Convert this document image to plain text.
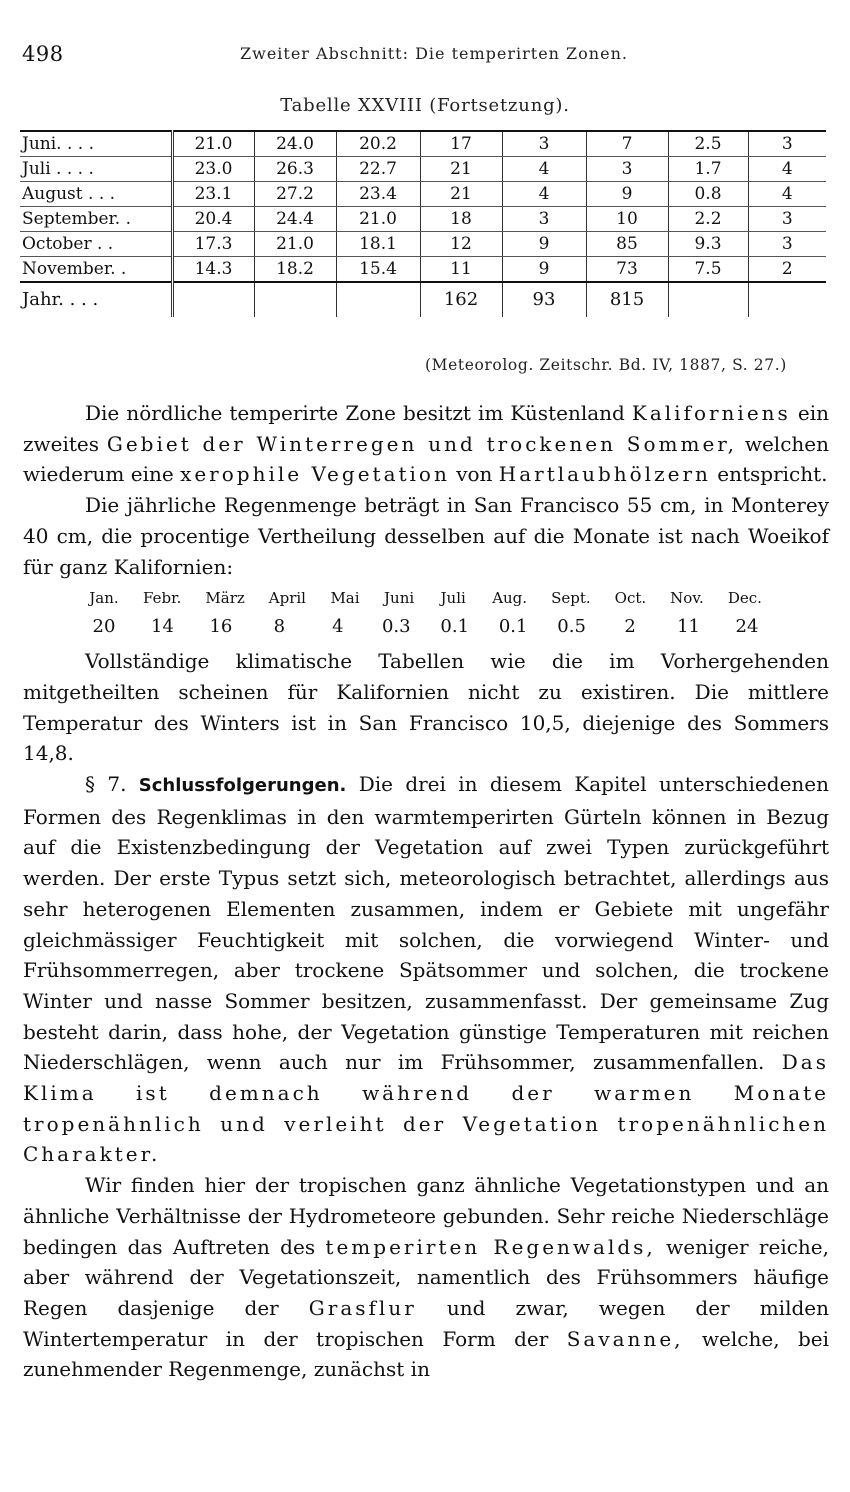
498	Zweiter Abschnitt: Die temperirten Zonen.
Tabelle XXVIII (Fortsetzung).
Juni. . . .	21.0	24.0	20.2	17	3	7	2.5	3
Juli . . . .	23.0	26.3	22.7	21	4	3	1.7	4
August . . .	23.1	27.2	23.4	21	4	9	0.8	4
September. .	20.4	24.4	21.0	18	3	10	2.2	3
October . .	17.3	21.0	18.1	12	9	85	9.3	3
November. .	14.3	18.2	15.4	11	9	73	7.5	2
Jahr. . . .				162	93	815		
(Meteorolog. Zeitschr. Bd. IV, 1887, S. 27.)

Die nördliche temperirte Zone besitzt im Küstenland Kaliforniens ein zweites Gebiet der Winterregen und trockenen Sommer, welchen wiederum eine xerophile Vegetation von Hartlaubhölzern entspricht.

Die jährliche Regenmenge beträgt in San Francisco 55 cm, in Monterey 40 cm, die procentige Vertheilung desselben auf die Monate ist nach Woeikof für ganz Kalifornien:

Jan. Febr. März April Mai Juni Juli Aug. Sept. Oct. Nov. Dec.
20 14 16	8	4	0.3 0.1 0.1 0.5	2	11 24

Vollständige klimatische Tabellen wie die im Vorhergehenden mitgetheilten scheinen für Kalifornien nicht zu existiren. Die mittlere Temperatur des Winters ist in San Francisco 10,5, diejenige des Sommers 14,8.

§ 7. Schlussfolgerungen. Die drei in diesem Kapitel unterschiedenen Formen des Regenklimas in den warmtemperirten Gürteln können in Bezug auf die Existenzbedingung der Vegetation auf zwei Typen zurückgeführt werden. Der erste Typus setzt sich, meteorologisch betrachtet, allerdings aus sehr heterogenen Elementen zusammen, indem er Gebiete mit ungefähr gleichmässiger Feuchtigkeit mit solchen, die vorwiegend Winter- und Frühsommerregen, aber trockene Spätsommer und solchen, die trockene Winter und nasse Sommer besitzen, zusammenfasst. Der gemeinsame Zug besteht darin, dass hohe, der Vegetation günstige Temperaturen mit reichen Niederschlägen, wenn auch nur im Frühsommer, zusammenfallen. Das Klima ist demnach während der warmen Monate tropenähnlich und verleiht der Vegetation tropenähnlichen Charakter.

Wir finden hier der tropischen ganz ähnliche Vegetationstypen und an ähnliche Verhältnisse der Hydrometeore gebunden. Sehr reiche Niederschläge bedingen das Auftreten des temperirten Regenwalds, weniger reiche, aber während der Vegetationszeit, namentlich des Frühsommers häufige Regen dasjenige der Grasflur und zwar, wegen der milden Wintertemperatur in der tropischen Form der Savanne, welche, bei zunehmender Regenmenge, zunächst in
